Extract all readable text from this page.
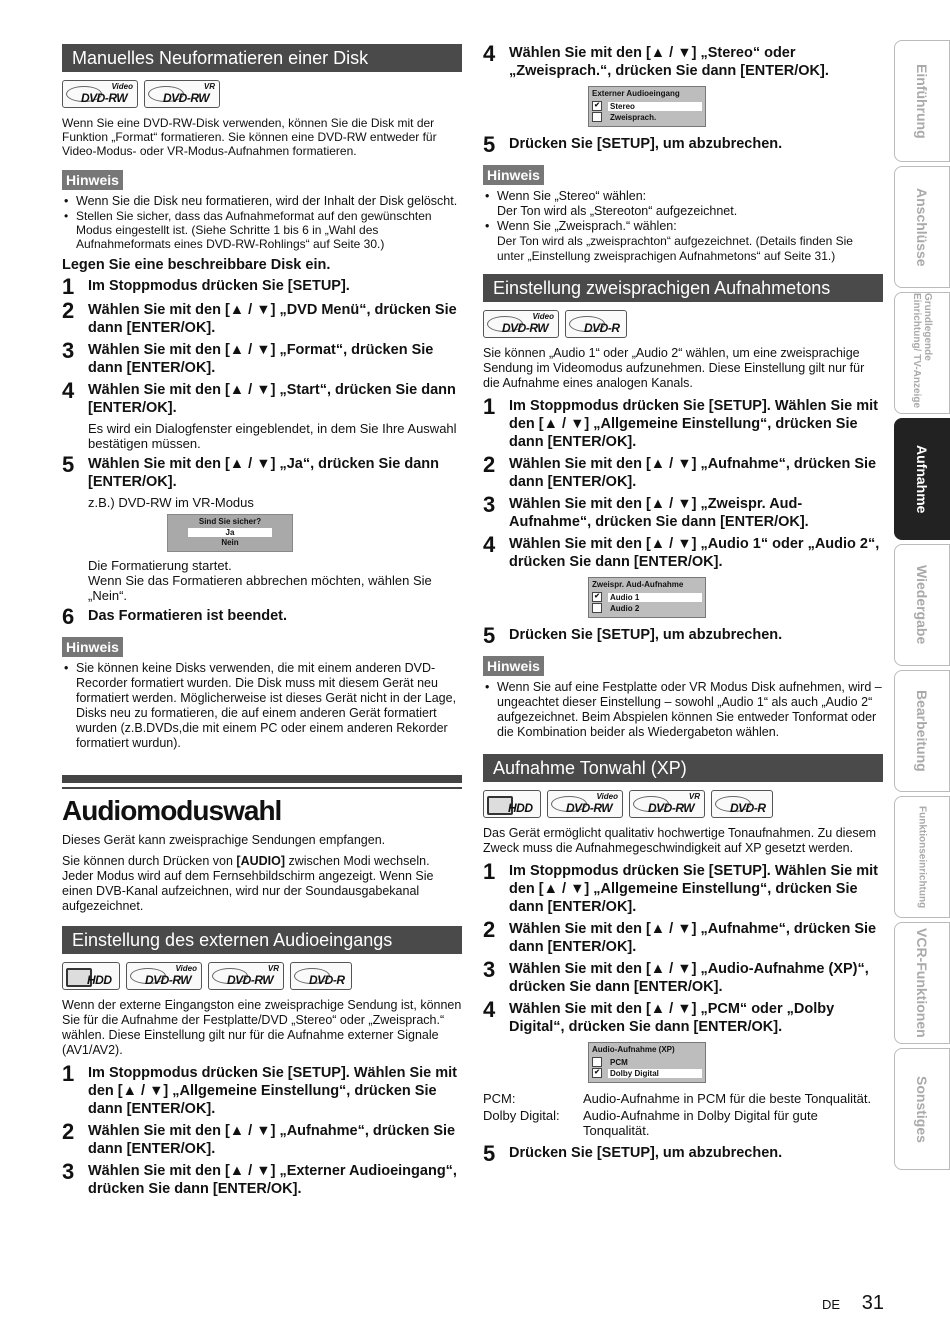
Manuelles Neuformatieren einer Disk
Video
DVD-RW
VR
DVD-RW

Wenn Sie eine DVD-RW-Disk verwenden, können Sie die Disk mit der Funktion „Format“ formatieren. Sie können eine DVD-RW entweder für Video-Modus- oder VR-Modus-Aufnahmen formatieren.

Hinweis
• Wenn Sie die Disk neu formatieren, wird der Inhalt der Disk gelöscht.
• Stellen Sie sicher, dass das Aufnahmeformat auf den gewünschten Modus eingestellt ist. (Siehe Schritte 1 bis 6 in „Wahl des Aufnahmeformats eines DVD-RW-Rohlings“ auf Seite 30.)
Legen Sie eine beschreibbare Disk ein.
1 Im Stoppmodus drücken Sie [SETUP].
2 Wählen Sie mit den [▲ / ▼] „DVD Menü“, drücken Sie dann [ENTER/OK].
3 Wählen Sie mit den [▲ / ▼] „Format“, drücken Sie dann [ENTER/OK].
4 Wählen Sie mit den [▲ / ▼] „Start“, drücken Sie dann [ENTER/OK].
Es wird ein Dialogfenster eingeblendet, in dem Sie Ihre Auswahl bestätigen müssen.
5 Wählen Sie mit den [▲ / ▼] „Ja“, drücken Sie dann [ENTER/OK].
z.B.) DVD-RW im VR-Modus
Sind Sie sicher?
Ja
Nein
Die Formatierung startet.
Wenn Sie das Formatieren abbrechen möchten, wählen Sie „Nein“.
6 Das Formatieren ist beendet.
Hinweis
• Sie können keine Disks verwenden, die mit einem anderen DVD-Recorder formatiert wurden. Die Disk muss mit diesem Gerät neu formatiert werden. Möglicherweise ist dieses Gerät nicht in der Lage, Disks neu zu formatieren, die auf einem anderen Gerät formatiert wurden (z.B.DVDs,die mit einem PC oder einem anderen Rekorder formatiert wurdun).
Audiomoduswahl

Dieses Gerät kann zweisprachige Sendungen empfangen.

Sie können durch Drücken von [AUDIO] zwischen Modi wechseln. Jeder Modus wird auf dem Fernsehbildschirm angezeigt. Wenn Sie einen DVB-Kanal aufzeichnen, wird nur der Soundausgabekanal aufgezeichnet.

Einstellung des externen Audioeingangs
HDD
Video
DVD-RW
VR
DVD-RW	DVD-R

Wenn der externe Eingangston eine zweisprachige Sendung ist, können Sie für die Aufnahme der Festplatte/DVD „Stereo“ oder „Zweisprach.“ wählen. Diese Einstellung gilt nur für die Aufnahme externer Signale (AV1/AV2).

1 Im Stoppmodus drücken Sie [SETUP]. Wählen Sie mit den [▲ / ▼] „Allgemeine Einstellung“, drücken Sie dann [ENTER/OK].
2 Wählen Sie mit den [▲ / ▼] „Aufnahme“, drücken Sie dann [ENTER/OK].
3 Wählen Sie mit den [▲ / ▼] „Externer Audioeingang“, drücken Sie dann [ENTER/OK].
4 Wählen Sie mit den [▲ / ▼] „Stereo“ oder „Zweisprach.“, drücken Sie dann [ENTER/OK].
Externer Audioeingang
✔ Stereo
Zweisprach.
5 Drücken Sie [SETUP], um abzubrechen.
Hinweis
• Wenn Sie „Stereo“ wählen:
Der Ton wird als „Stereoton“ aufgezeichnet.
• Wenn Sie „Zweisprach.“ wählen:
Der Ton wird als „zweisprachton“ aufgezeichnet. (Details finden Sie unter „Einstellung zweisprachigen Aufnahmetons“ auf Seite 31.)
Einstellung zweisprachigen Aufnahmetons
Video
DVD-RW	DVD-R

Sie können „Audio 1“ oder „Audio 2“ wählen, um eine zweisprachige Sendung im Videomodus aufzunehmen. Diese Einstellung gilt nur für die Aufnahme eines analogen Kanals.

1 Im Stoppmodus drücken Sie [SETUP]. Wählen Sie mit den [▲ / ▼] „Allgemeine Einstellung“, drücken Sie dann [ENTER/OK].
2 Wählen Sie mit den [▲ / ▼] „Aufnahme“, drücken Sie dann [ENTER/OK].
3 Wählen Sie mit den [▲ / ▼] „Zweispr. Aud-Aufnahme“, drücken Sie dann [ENTER/OK].
4 Wählen Sie mit den [▲ / ▼] „Audio 1“ oder „Audio 2“, drücken Sie dann [ENTER/OK].
Zweispr. Aud-Aufnahme
✔ Audio 1
Audio 2
5 Drücken Sie [SETUP], um abzubrechen.
Hinweis
• Wenn Sie auf eine Festplatte oder VR Modus Disk aufnehmen, wird – ungeachtet dieser Einstellung – sowohl „Audio 1“ als auch „Audio 2“ aufgezeichnet. Beim Abspielen können Sie entweder Tonformat oder die Kombination beider als Wiedergabeton wählen.
Aufnahme Tonwahl (XP)
HDD
Video
DVD-RW
VR
DVD-RW	DVD-R

Das Gerät ermöglicht qualitativ hochwertige Tonaufnahmen. Zu diesem Zweck muss die Aufnahmegeschwindigkeit auf XP gesetzt werden.

1 Im Stoppmodus drücken Sie [SETUP]. Wählen Sie mit den [▲ / ▼] „Allgemeine Einstellung“, drücken Sie dann [ENTER/OK].
2 Wählen Sie mit den [▲ / ▼] „Aufnahme“, drücken Sie dann [ENTER/OK].
3 Wählen Sie mit den [▲ / ▼] „Audio-Aufnahme (XP)“, drücken Sie dann [ENTER/OK].
4 Wählen Sie mit den [▲ / ▼] „PCM“ oder „Dolby Digital“, drücken Sie dann [ENTER/OK].
Audio-Aufnahme (XP)
PCM
✔ Dolby Digital
PCM:	Audio-Aufnahme in PCM für die beste Tonqualität.
Dolby Digital:	Audio-Aufnahme in Dolby Digital für gute Tonqualität.
5 Drücken Sie [SETUP], um abzubrechen.
Einführung
Anschlüsse
Grundlegende Einrichtung/ TV-Anzeige
Aufnahme
Wiedergabe
Bearbeitung
Funktionseinrichtung
VCR-Funktionen
Sonstiges
DE 31
